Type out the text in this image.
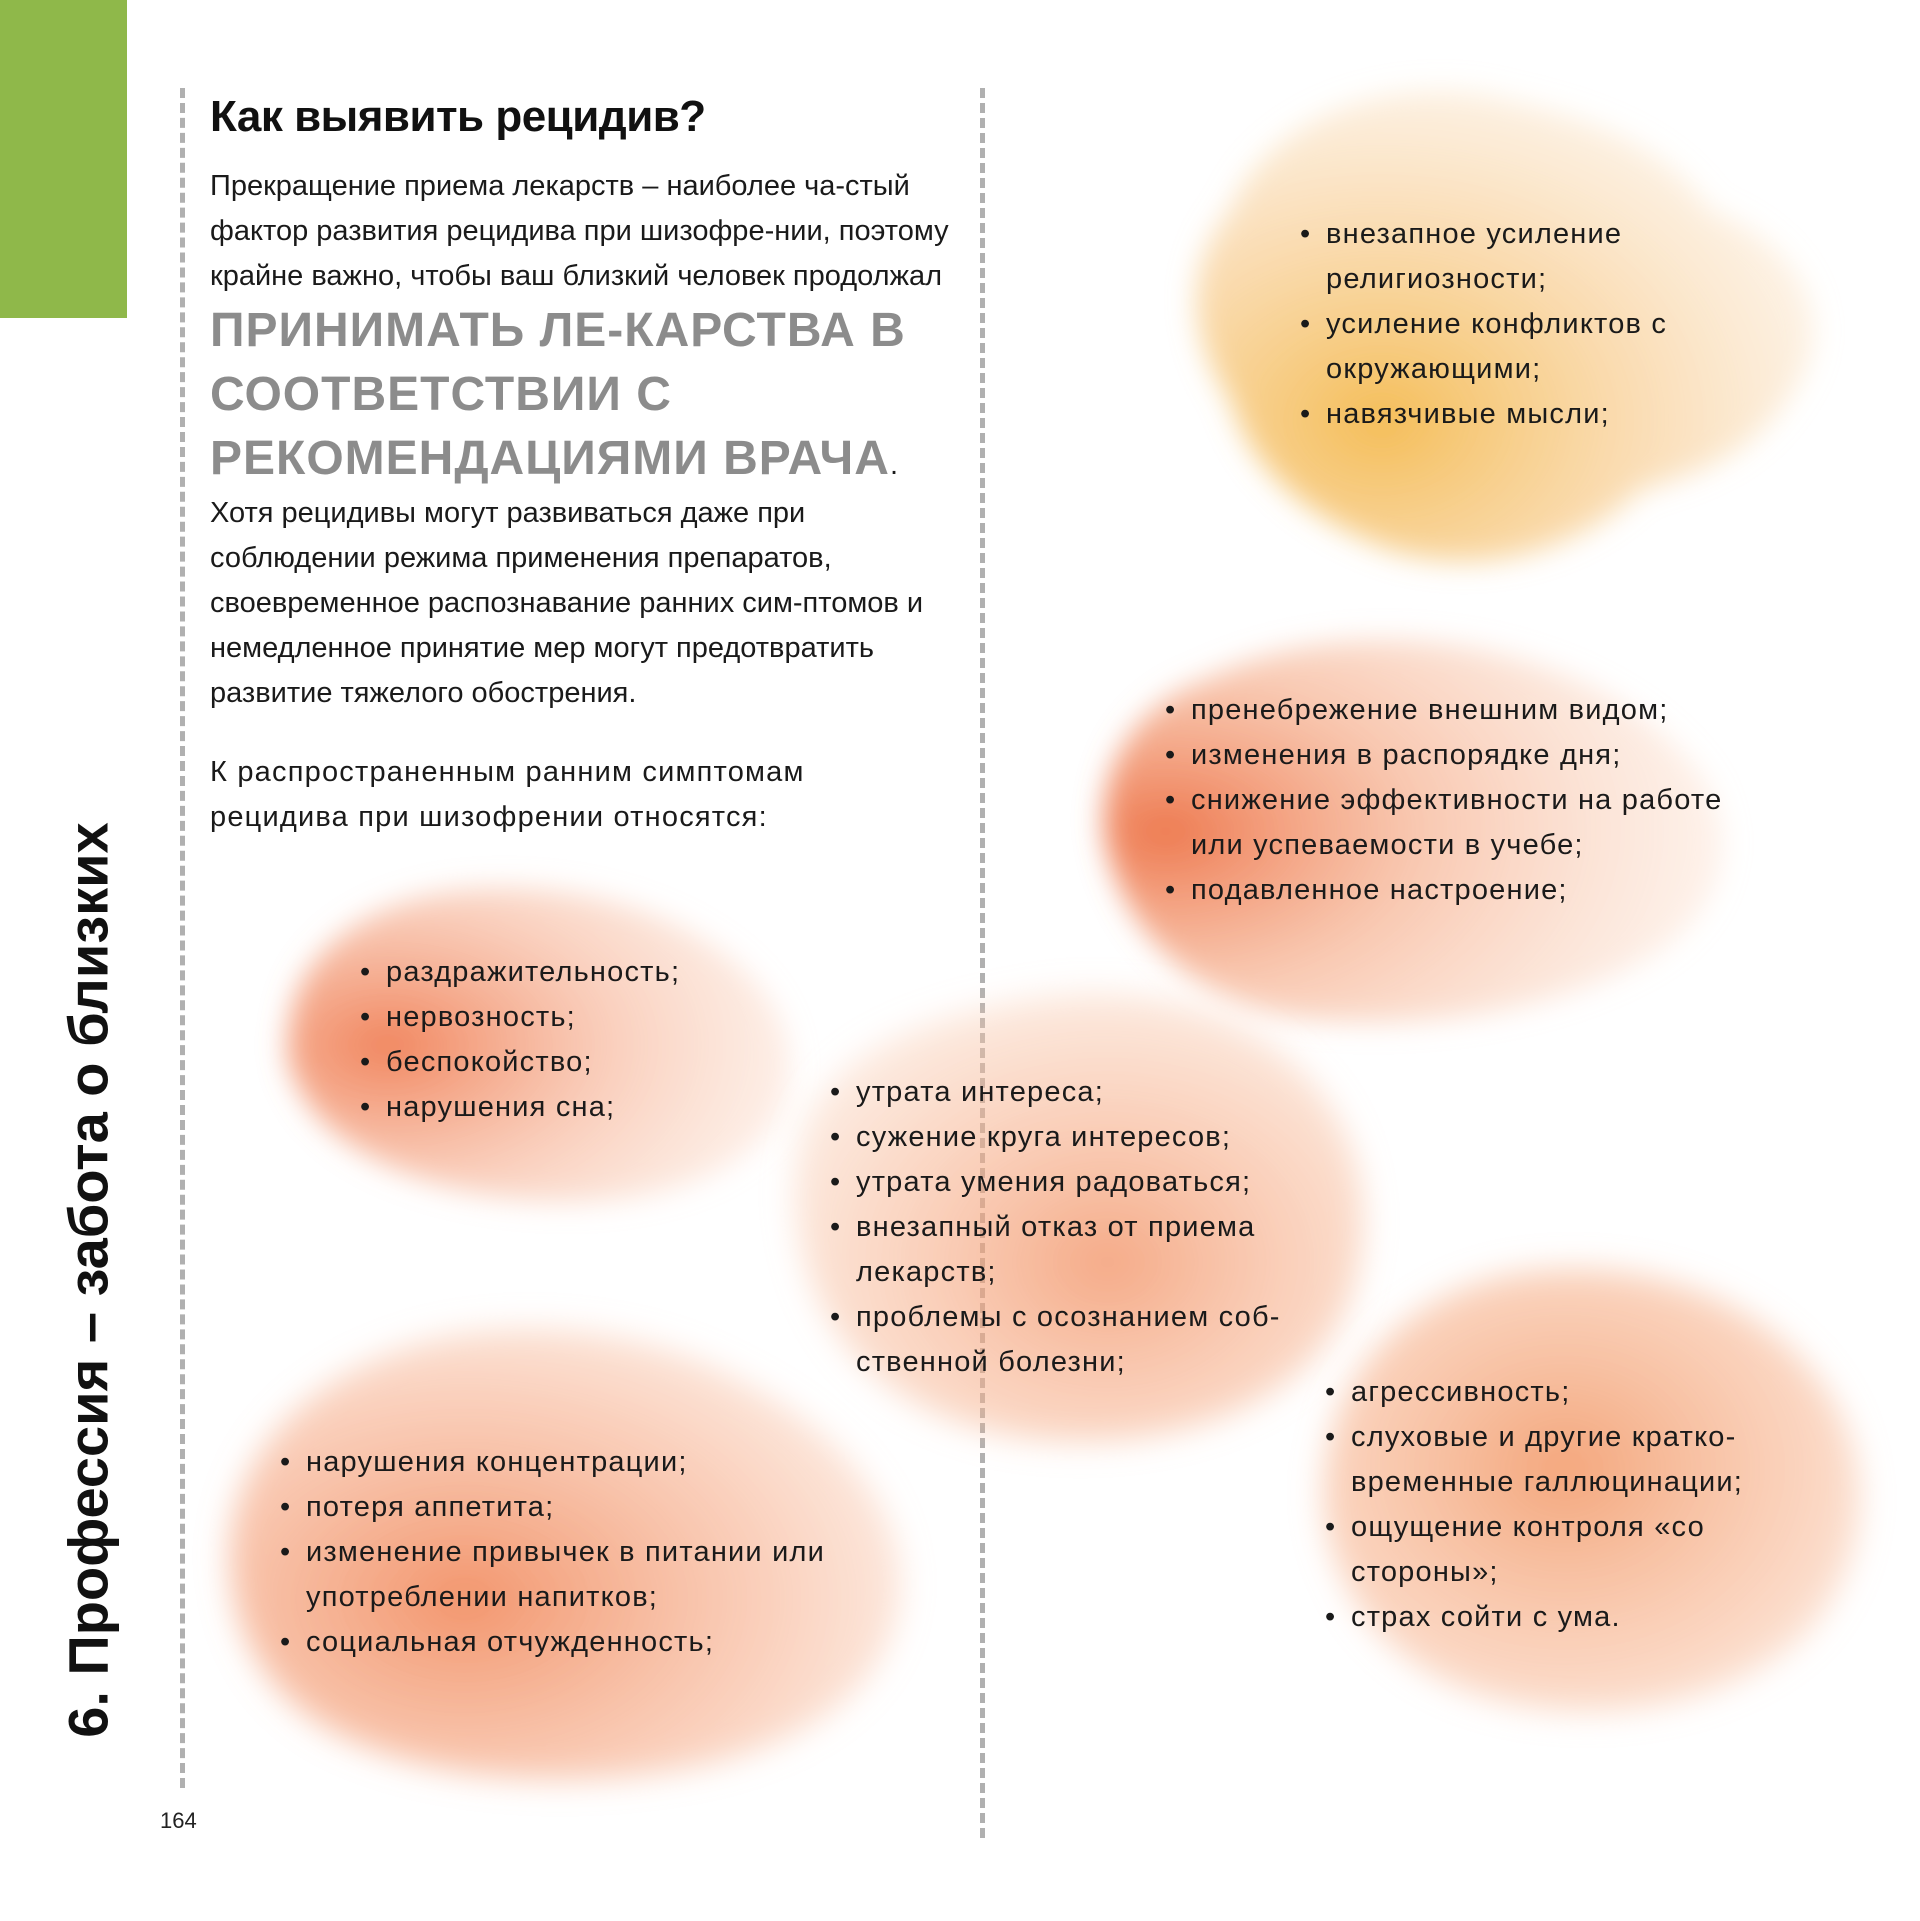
6. Профессия – забота о близких
164
Как выявить рецидив?

Прекращение приема лекарств – наиболее ча-стый фактор развития рецидива при шизофре-нии, поэтому крайне важно, чтобы ваш близкий человек продолжал ПРИНИМАТЬ ЛЕ-КАРСТВА В СООТВЕТСТВИИ С РЕКОМЕНДАЦИЯМИ ВРАЧА.

Хотя рецидивы могут развиваться даже при соблюдении режима применения препаратов, своевременное распознавание ранних сим-птомов и немедленное принятие мер могут предотвратить развитие тяжелого обострения.

К распространенным ранним симптомам рецидива при шизофрении относятся:

• внезапное усиление религиозности;
• усиление конфликтов с окружающими;
• навязчивые мысли;
• пренебрежение внешним видом;
• изменения в распорядке дня;
• снижение эффективности на работе или успеваемости в учебе;
• подавленное настроение;
• раздражительность;
• нервозность;
• беспокойство;
• нарушения сна;
•	утрата интереса;
• сужение круга интересов;
• утрата умения радоваться;
• внезапный отказ от приема лекарств;
• проблемы с осознанием соб-ственной болезни;
• нарушения концентрации;
• потеря аппетита;
• изменение привычек в питании или употреблении напитков;
• социальная отчужденность;
• агрессивность;
• слуховые и другие кратко-временные галлюцинации;
• ощущение контроля «со стороны»;
• страх сойти с ума.
